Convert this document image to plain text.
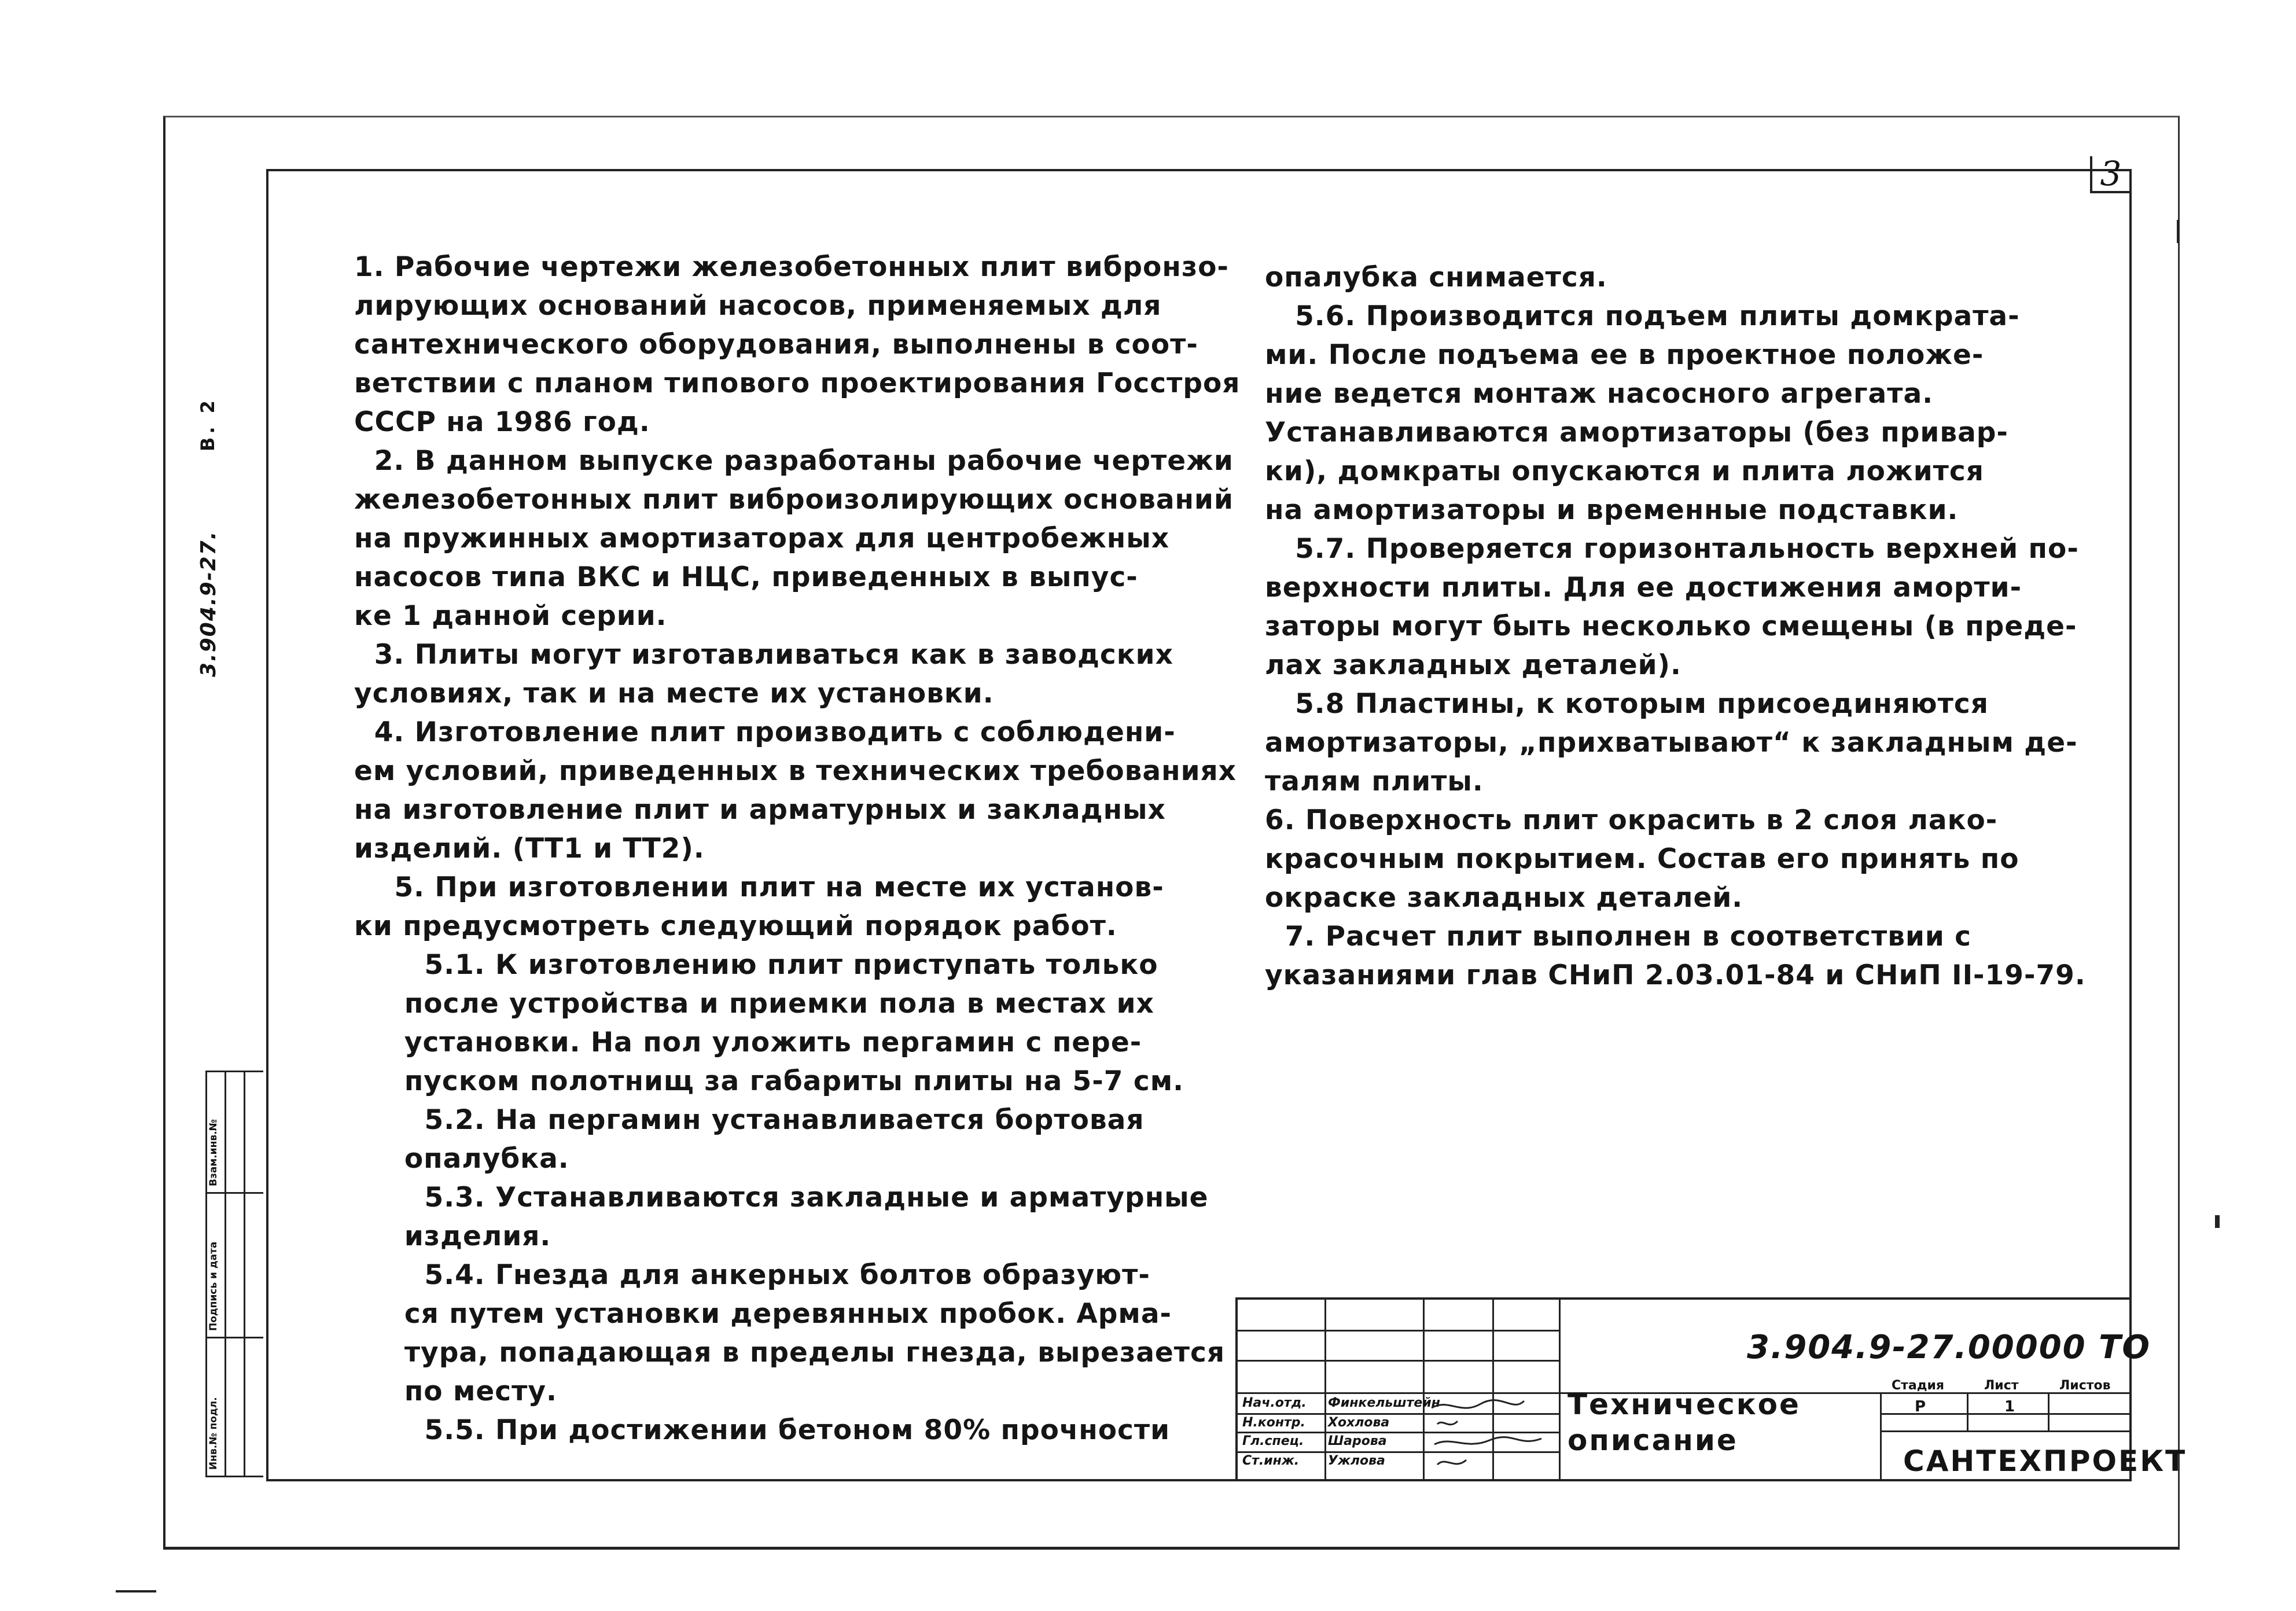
3
3.904.9-27.
B. 2
Инв.№ подл.
Подпись и дата
Взам.инв.№
1. Рабочие чертежи железобетонных плит вибронзо-
лирующих оснований насосов, применяемых для
сантехнического оборудования, выполнены в соот-
ветствии с планом типового проектирования Госстроя
СССР на 1986 год.
2. В данном выпуске разработаны рабочие чертежи
железобетонных плит виброизолирующих оснований
на пружинных амортизаторах для центробежных
насосов типа ВКС и НЦС, приведенных в выпус-
ке 1 данной серии.
3. Плиты могут изготавливаться как в заводских
условиях, так и на месте их установки.
4. Изготовление плит производить с соблюдени-
ем условий, приведенных в технических требованиях
на изготовление плит и арматурных и закладных
изделий. (ТТ1 и ТТ2).
5. При изготовлении плит на месте их установ-
ки предусмотреть следующий порядок работ.
5.1. К изготовлению плит приступать только
после устройства и приемки пола в местах их
установки. На пол уложить пергамин с пере-
пуском полотнищ за габариты плиты на 5-7 см.
5.2. На пергамин устанавливается бортовая
опалубка.
5.3. Устанавливаются закладные и арматурные
изделия.
5.4. Гнезда для анкерных болтов образуют-
ся путем установки деревянных пробок. Арма-
тура, попадающая в пределы гнезда, вырезается
по месту.
5.5. При достижении бетоном 80% прочности
опалубка снимается.
5.6. Производится подъем плиты домкрата-
ми. После подъема ее в проектное положе-
ние ведется монтаж насосного агрегата.
Устанавливаются амортизаторы (без привар-
ки), домкраты опускаются и плита ложится
на амортизаторы и временные подставки.
5.7. Проверяется горизонтальность верхней по-
верхности плиты. Для ее достижения аморти-
заторы могут быть несколько смещены (в преде-
лах закладных деталей).
5.8 Пластины, к которым присоединяются
амортизаторы, „прихватывают“ к закладным де-
талям плиты.
6. Поверхность плит окрасить в 2 слоя лако-
красочным покрытием. Состав его принять по
окраске закладных деталей.
7. Расчет плит выполнен в соответствии с
указаниями глав СНиП 2.03.01-84 и СНиП II-19-79.
3.904.9-27.00000 ТО
Техническое
описание
Стадия	Лист	Листов
Р	1
САНТЕХПРОЕКТ
Нач.отд. Финкельштейн
Н.контр. Хохлова
Гл.спец. Шарова
Ст.инж. Ужлова
